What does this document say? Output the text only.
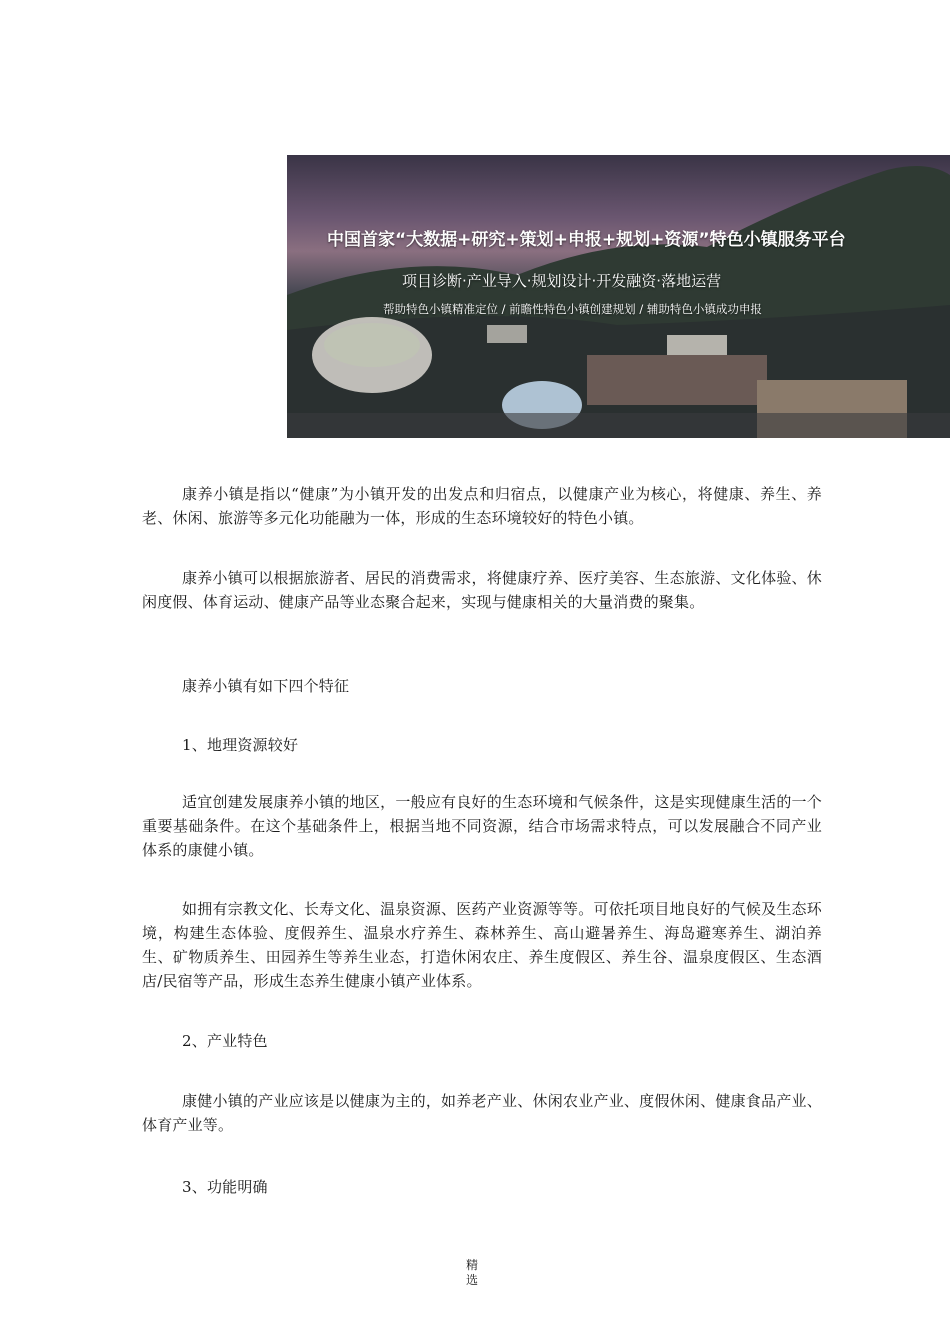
中国首家“大数据+研究+策划+申报+规划+资源”特色小镇服务平台
项目诊断·产业导入·规划设计·开发融资·落地运营
帮助特色小镇精准定位 / 前瞻性特色小镇创建规划 / 辅助特色小镇成功申报

康养小镇是指以“健康”为小镇开发的出发点和归宿点，以健康产业为核心，将健康、养生、养老、休闲、旅游等多元化功能融为一体，形成的生态环境较好的特色小镇。

康养小镇可以根据旅游者、居民的消费需求，将健康疗养、医疗美容、生态旅游、文化体验、休闲度假、体育运动、健康产品等业态聚合起来，实现与健康相关的大量消费的聚集。

康养小镇有如下四个特征

1、地理资源较好

适宜创建发展康养小镇的地区，一般应有良好的生态环境和气候条件，这是实现健康生活的一个重要基础条件。在这个基础条件上，根据当地不同资源，结合市场需求特点，可以发展融合不同产业体系的康健小镇。

如拥有宗教文化、长寿文化、温泉资源、医药产业资源等等。可依托项目地良好的气候及生态环境，构建生态体验、度假养生、温泉水疗养生、森林养生、高山避暑养生、海岛避寒养生、湖泊养生、矿物质养生、田园养生等养生业态，打造休闲农庄、养生度假区、养生谷、温泉度假区、生态酒店/民宿等产品，形成生态养生健康小镇产业体系。

2、产业特色

康健小镇的产业应该是以健康为主的，如养老产业、休闲农业产业、度假休闲、健康食品产业、体育产业等。

3、功能明确

精选
